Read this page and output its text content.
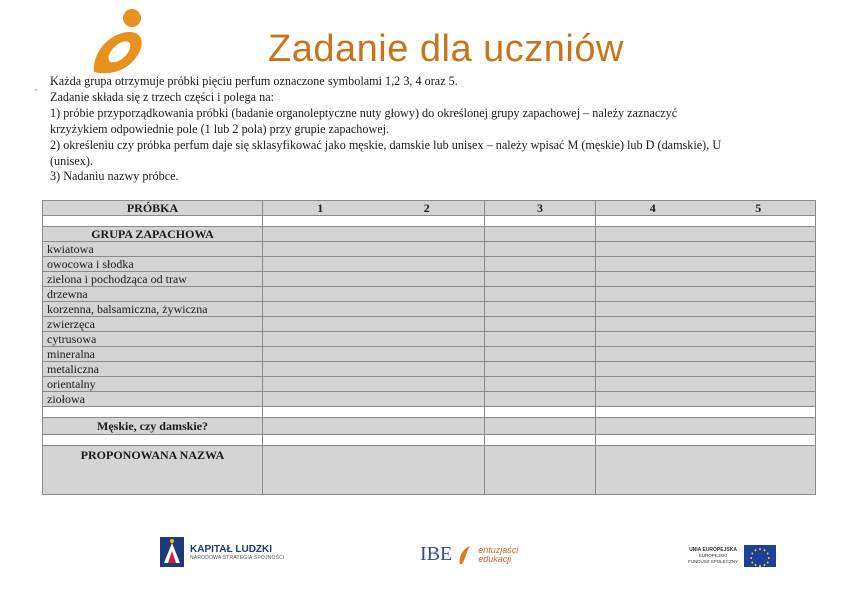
Zadanie dla uczniów
-
Każda grupa otrzymuje próbki pięciu perfum oznaczone symbolami 1,2 3, 4 oraz 5.
Zadanie składa się z trzech części i polega na:
1) próbie przyporządkowania próbki (badanie organoleptyczne nuty głowy) do określonej grupy zapachowej – należy zaznaczyć
krzyżykiem odpowiednie pole (1 lub 2 pola) przy grupie zapachowej.
2) określeniu czy próbka perfum daje się sklasyfikować jako męskie, damskie lub unisex – należy wpisać M (męskie) lub D (damskie), U
(unisex).
3) Nadaniu nazwy próbce.
PRÓBKA	1 2	3	4 5

GRUPA ZAPACHOWA			
kwiatowa			
owocowa i słodka			
zielona i pochodząca od traw			
drzewna			
korzenna, balsamiczna, żywiczna			
zwierzęca			
cytrusowa			
mineralna			
metaliczna			
orientalny			
ziołowa			

Męskie, czy damskie?			

PROPONOWANA NAZWA			
KAPITAŁ LUDZKI
NARODOWA STRATEGIA SPÓJNOŚCI	IBE	entuzjaści
edukacji
UNIA EUROPEJSKA
EUROPEJSKI
FUNDUSZ SPOŁECZNY
